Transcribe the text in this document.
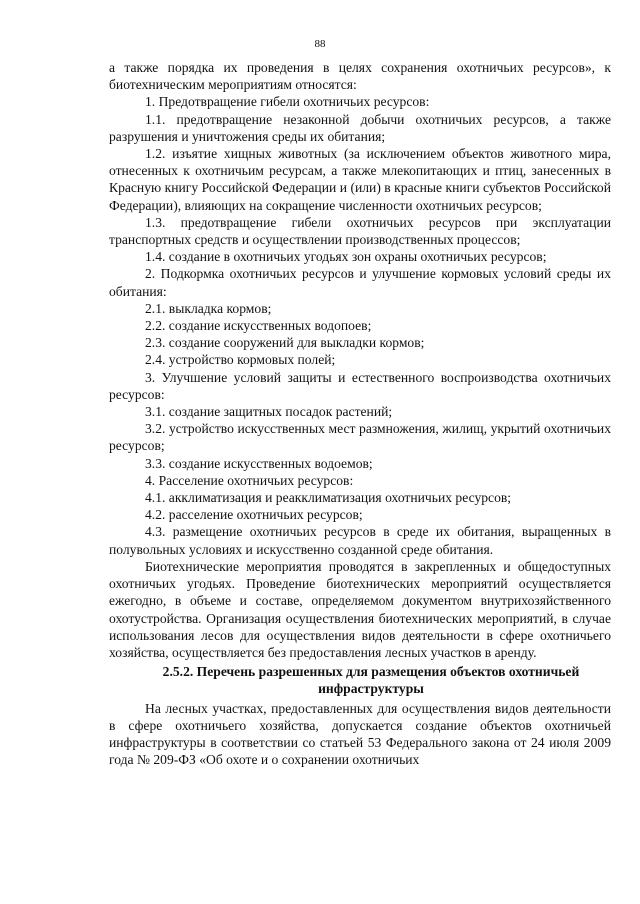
88

а также порядка их проведения в целях сохранения охотничьих ресурсов», к биотехническим мероприятиям относятся:

1. Предотвращение гибели охотничьих ресурсов:

1.1. предотвращение незаконной добычи охотничьих ресурсов, а также разрушения и уничтожения среды их обитания;

1.2. изъятие хищных животных (за исключением объектов животного мира, отнесенных к охотничьим ресурсам, а также млекопитающих и птиц, занесенных в Красную книгу Российской Федерации и (или) в красные книги субъектов Российской Федерации), влияющих на сокращение численности охотничьих ресурсов;

1.3. предотвращение гибели охотничьих ресурсов при эксплуатации транспортных средств и осуществлении производственных процессов;

1.4. создание в охотничьих угодьях зон охраны охотничьих ресурсов;

2. Подкормка охотничьих ресурсов и улучшение кормовых условий среды их обитания:

2.1. выкладка кормов;

2.2. создание искусственных водопоев;

2.3. создание сооружений для выкладки кормов;

2.4. устройство кормовых полей;

3. Улучшение условий защиты и естественного воспроизводства охотничьих ресурсов:

3.1. создание защитных посадок растений;

3.2. устройство искусственных мест размножения, жилищ, укрытий охотничьих ресурсов;

3.3. создание искусственных водоемов;

4. Расселение охотничьих ресурсов:

4.1. акклиматизация и реакклиматизация охотничьих ресурсов;

4.2. расселение охотничьих ресурсов;

4.3. размещение охотничьих ресурсов в среде их обитания, выращенных в полувольных условиях и искусственно созданной среде обитания.

Биотехнические мероприятия проводятся в закрепленных и общедоступных охотничьих угодьях. Проведение биотехнических мероприятий осуществляется ежегодно, в объеме и составе, определяемом документом внутрихозяйственного охотустройства. Организация осуществления биотехнических мероприятий, в случае использования лесов для осуществления видов деятельности в сфере охотничьего хозяйства, осуществляется без предоставления лесных участков в аренду.

2.5.2. Перечень разрешенных для размещения объектов охотничьей инфраструктуры

На лесных участках, предоставленных для осуществления видов деятельности в сфере охотничьего хозяйства, допускается создание объектов охотничьей инфраструктуры в соответствии со статьей 53 Федерального закона от 24 июля 2009 года № 209-ФЗ «Об охоте и о сохранении охотничьих
